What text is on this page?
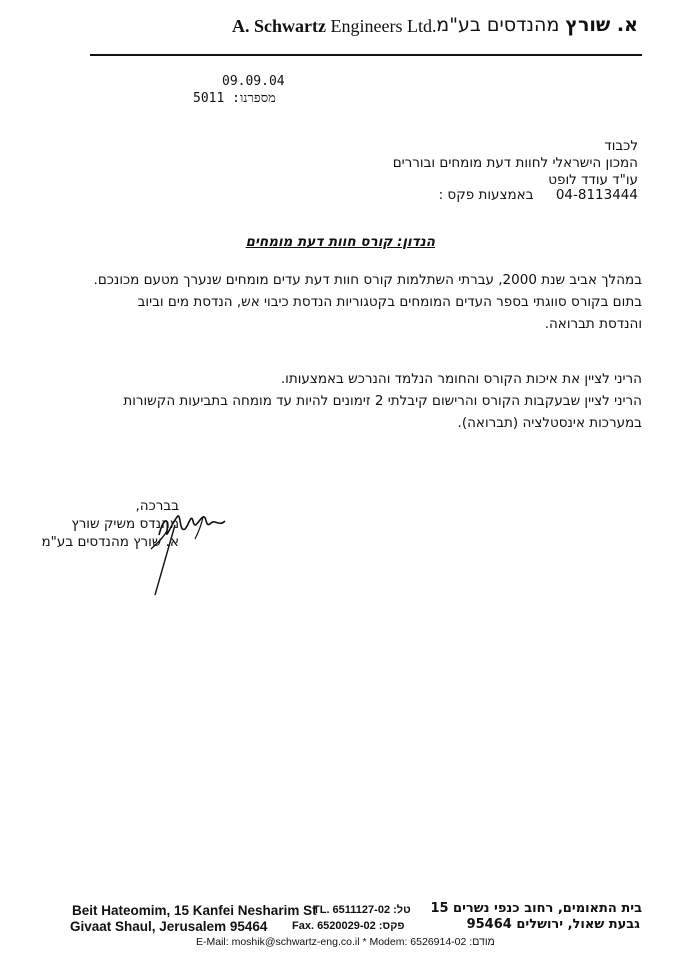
A. Schwartz Engineers Ltd.	א. שורץ מהנדסים בע"מ
09.09.04
5011 מספרנו:
לכבוד
המכון הישראלי לחוות דעת מומחים ובוררים
עו"ד עודד לופט
באמצעות פקס : 04-8113444
הנדון: קורס חוות דעת מומחים
במהלך אביב שנת 2000, עברתי השתלמות קורס חוות דעת עדים מומחים שנערך מטעם מכונכם.
בתום בקורס סווגתי בספר העדים המומחים בקטגוריות הנדסת כיבוי אש, הנדסת מים וביוב
והנדסת תברואה.
הריני לציין את איכות הקורס והחומר הנלמד והנרכש באמצעותו.
הריני לציין שבעקבות הקורס והרישום קיבלתי 2 זימונים להיות עד מומחה בתביעות הקשורות
במערכות אינסטלציה (תברואה).
בברכה,
מהנדס משיק שורץ
א. שורץ מהנדסים בע"מ
Beit Hateomim, 15 Kanfei Nesharim St
Givaat Shaul, Jerusalem 95464
TL. 6511127-02 :טל
Fax. 6520029-02 :פקס
E-Mail: moshik@schwartz-eng.co.il * Modem: 6526914-02 :מודם
בית התאומים, רחוב כנפי נשרים 15
גבעת שאול, ירושלים 95464
